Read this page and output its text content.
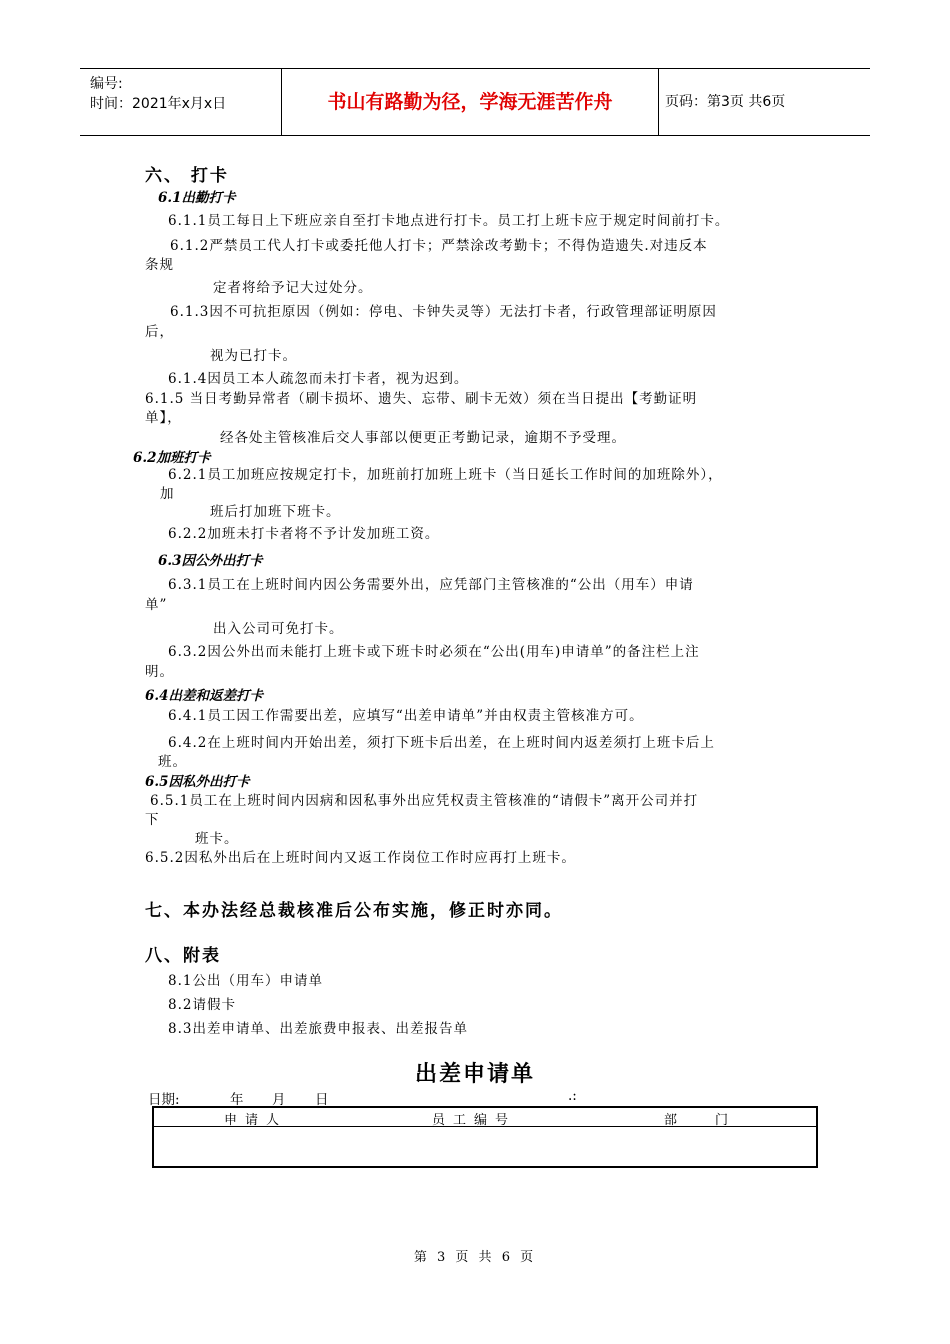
编号:
时间：2021年x月x日	书山有路勤为径，学海无涯苦作舟	页码：第3页 共6页
六、 打卡
6.1出勤打卡
6.1.1员工每日上下班应亲自至打卡地点进行打卡。员工打上班卡应于规定时间前打卡。
6.1.2严禁员工代人打卡或委托他人打卡；严禁涂改考勤卡；不得伪造遗失.对违反本
条规
定者将给予记大过处分。
6.1.3因不可抗拒原因（例如：停电、卡钟失灵等）无法打卡者，行政管理部证明原因
后，
视为已打卡。
6.1.4因员工本人疏忽而未打卡者，视为迟到。
6.1.5 当日考勤异常者（刷卡损坏、遗失、忘带、刷卡无效）须在当日提出【考勤证明
单】，
经各处主管核准后交人事部以便更正考勤记录，逾期不予受理。
6.2加班打卡
6.2.1员工加班应按规定打卡，加班前打加班上班卡（当日延长工作时间的加班除外），
加
班后打加班下班卡。
6.2.2加班未打卡者将不予计发加班工资。
6.3因公外出打卡
6.3.1员工在上班时间内因公务需要外出，应凭部门主管核准的“公出（用车）申请
单”
出入公司可免打卡。
6.3.2因公外出而未能打上班卡或下班卡时必须在“公出(用车)申请单”的备注栏上注
明。
6.4出差和返差打卡
6.4.1员工因工作需要出差，应填写“出差申请单”并由权责主管核准方可。
6.4.2在上班时间内开始出差，须打下班卡后出差，在上班时间内返差须打上班卡后上
班。
6.5因私外出打卡
6.5.1员工在上班时间内因病和因私事外出应凭权责主管核准的“请假卡”离开公司并打
下
班卡。
6.5.2因私外出后在上班时间内又返工作岗位工作时应再打上班卡。
七、本办法经总裁核准后公布实施，修正时亦同。
八、附表
8.1公出（用车）申请单
8.2请假卡
8.3出差申请单、出差旅费申报表、出差报告单
出差申请单
日期:	年 月 日	.:
申请人	员工编号	部门
第 3 页 共 6 页
